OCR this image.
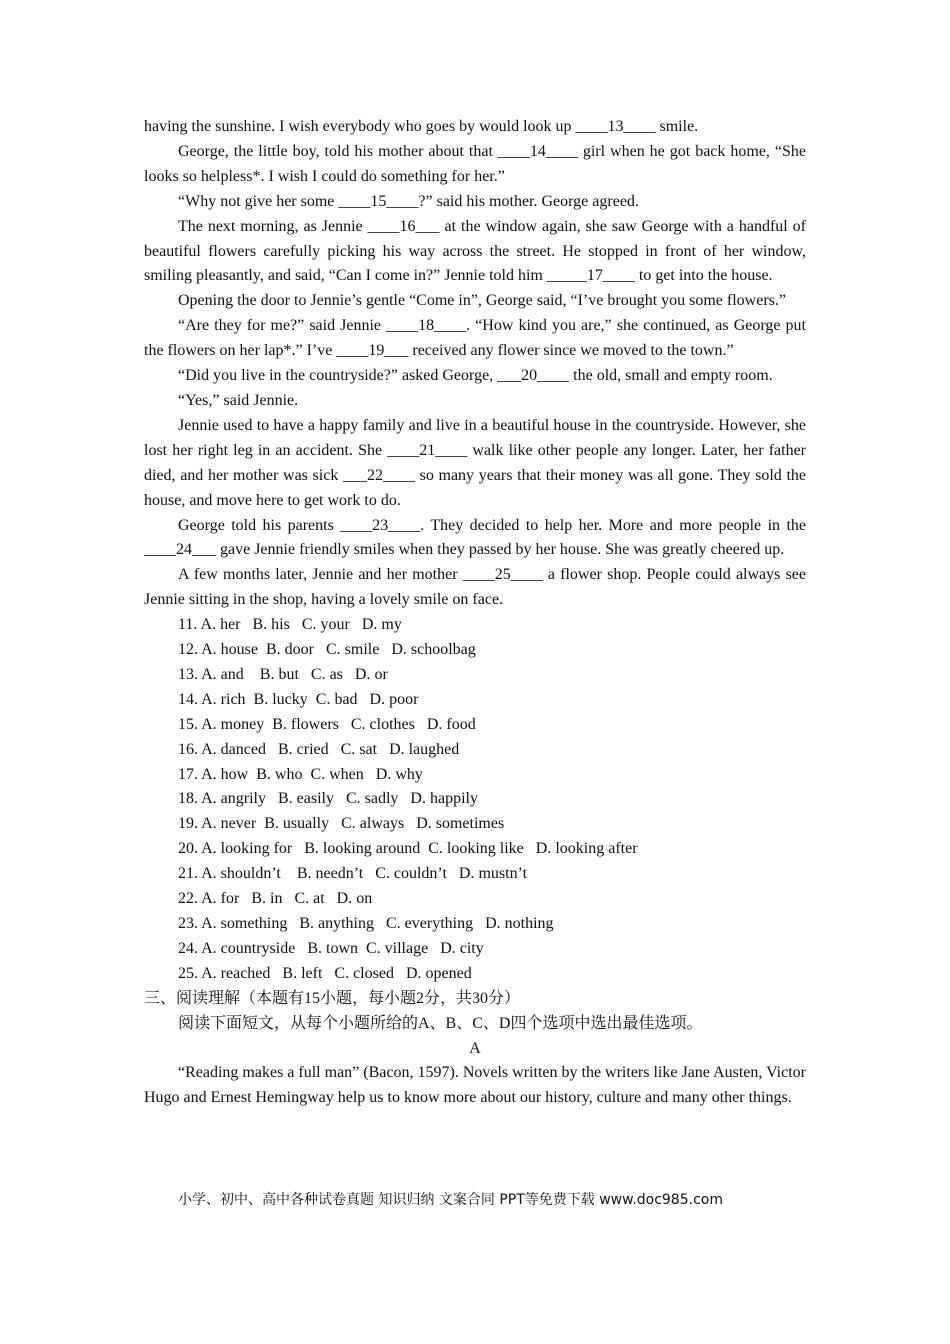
having the sunshine. I wish everybody who goes by would look up ____13____ smile.

George, the little boy, told his mother about that ____14____ girl when he got back home, “She looks so helpless*. I wish I could do something for her.”

“Why not give her some ____15____?” said his mother. George agreed.

The next morning, as Jennie ____16___ at the window again, she saw George with a handful of beautiful flowers carefully picking his way across the street. He stopped in front of her window, smiling pleasantly, and said, “Can I come in?” Jennie told him _____17____ to get into the house.

Opening the door to Jennie’s gentle “Come in”, George said, “I’ve brought you some flowers.”

“Are they for me?” said Jennie ____18____. “How kind you are,” she continued, as George put the flowers on her lap*.” I’ve ____19___ received any flower since we moved to the town.”

“Did you live in the countryside?” asked George, ___20____ the old, small and empty room.

“Yes,” said Jennie.

Jennie used to have a happy family and live in a beautiful house in the countryside. However, she lost her right leg in an accident. She ____21____ walk like other people any longer. Later, her father died, and her mother was sick ___22____ so many years that their money was all gone. They sold the house, and move here to get work to do.

George told his parents ____23____. They decided to help her. More and more people in the ____24___ gave Jennie friendly smiles when they passed by her house. She was greatly cheered up.

A few months later, Jennie and her mother ____25____ a flower shop. People could always see Jennie sitting in the shop, having a lovely smile on face.

11. A. her   B. his   C. your   D. my

12. A. house  B. door   C. smile   D. schoolbag

13. A. and    B. but   C. as   D. or

14. A. rich  B. lucky  C. bad   D. poor

15. A. money  B. flowers   C. clothes   D. food

16. A. danced   B. cried   C. sat   D. laughed

17. A. how  B. who  C. when   D. why

18. A. angrily   B. easily   C. sadly   D. happily

19. A. never  B. usually   C. always   D. sometimes

20. A. looking for   B. looking around  C. looking like   D. looking after

21. A. shouldn’t    B. needn’t   C. couldn’t   D. mustn’t

22. A. for   B. in   C. at   D. on

23. A. something   B. anything   C. everything   D. nothing

24. A. countryside   B. town  C. village   D. city

25. A. reached   B. left   C. closed   D. opened

三、阅读理解（本题有15小题，每小题2分，共30分）

阅读下面短文，从每个小题所给的A、B、C、D四个选项中选出最佳选项。

A

“Reading makes a full man” (Bacon, 1597). Novels written by the writers like Jane Austen, Victor Hugo and Ernest Hemingway help us to know more about our history, culture and many other things.

小学、初中、高中各种试卷真题 知识归纳 文案合同 PPT等免费下载 www.doc985.com
